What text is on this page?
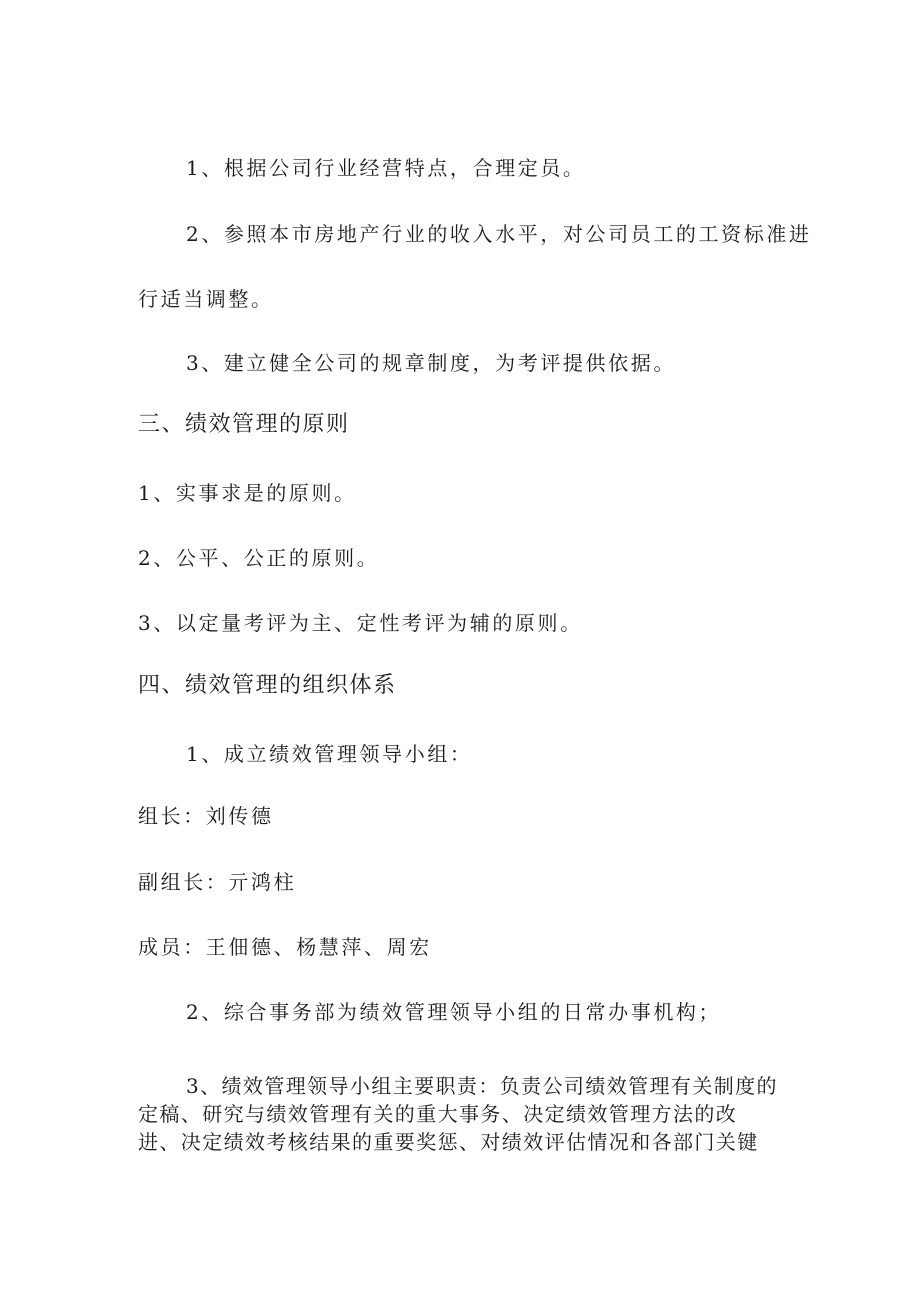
1、根据公司行业经营特点，合理定员。
2、参照本市房地产行业的收入水平，对公司员工的工资标准进
行适当调整。
3、建立健全公司的规章制度，为考评提供依据。
三、绩效管理的原则
1、实事求是的原则。
2、公平、公正的原则。
3、以定量考评为主、定性考评为辅的原则。
四、绩效管理的组织体系
1、成立绩效管理领导小组：
组长：刘传德
副组长：亓鸿柱
成员：王佃德、杨慧萍、周宏
2、综合事务部为绩效管理领导小组的日常办事机构；
3、绩效管理领导小组主要职责：负责公司绩效管理有关制度的
定稿、研究与绩效管理有关的重大事务、决定绩效管理方法的改
进、决定绩效考核结果的重要奖惩、对绩效评估情况和各部门关键
